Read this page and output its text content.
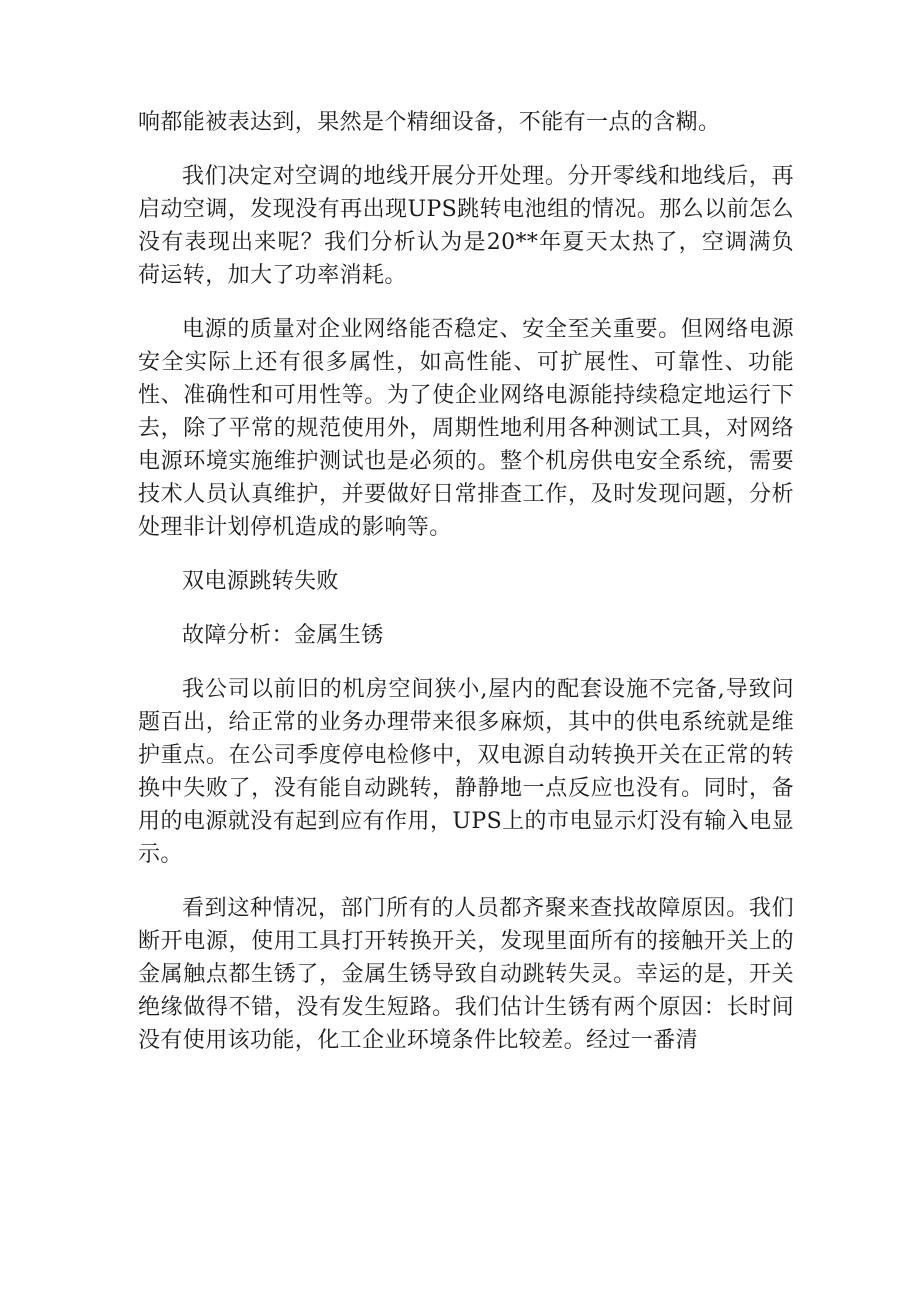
响都能被表达到，果然是个精细设备，不能有一点的含糊。

我们决定对空调的地线开展分开处理。分开零线和地线后，再启动空调，发现没有再出现UPS跳转电池组的情况。那么以前怎么没有表现出来呢？我们分析认为是20**年夏天太热了，空调满负荷运转，加大了功率消耗。

电源的质量对企业网络能否稳定、安全至关重要。但网络电源安全实际上还有很多属性，如高性能、可扩展性、可靠性、功能性、准确性和可用性等。为了使企业网络电源能持续稳定地运行下去，除了平常的规范使用外，周期性地利用各种测试工具，对网络电源环境实施维护测试也是必须的。整个机房供电安全系统，需要技术人员认真维护，并要做好日常排查工作，及时发现问题，分析处理非计划停机造成的影响等。

双电源跳转失败

故障分析：金属生锈

我公司以前旧的机房空间狭小,屋内的配套设施不完备,导致问题百出，给正常的业务办理带来很多麻烦，其中的供电系统就是维护重点。在公司季度停电检修中，双电源自动转换开关在正常的转换中失败了，没有能自动跳转，静静地一点反应也没有。同时，备用的电源就没有起到应有作用，UPS上的市电显示灯没有输入电显示。

看到这种情况，部门所有的人员都齐聚来查找故障原因。我们断开电源，使用工具打开转换开关，发现里面所有的接触开关上的金属触点都生锈了，金属生锈导致自动跳转失灵。幸运的是，开关绝缘做得不错，没有发生短路。我们估计生锈有两个原因：长时间没有使用该功能，化工企业环境条件比较差。经过一番清
